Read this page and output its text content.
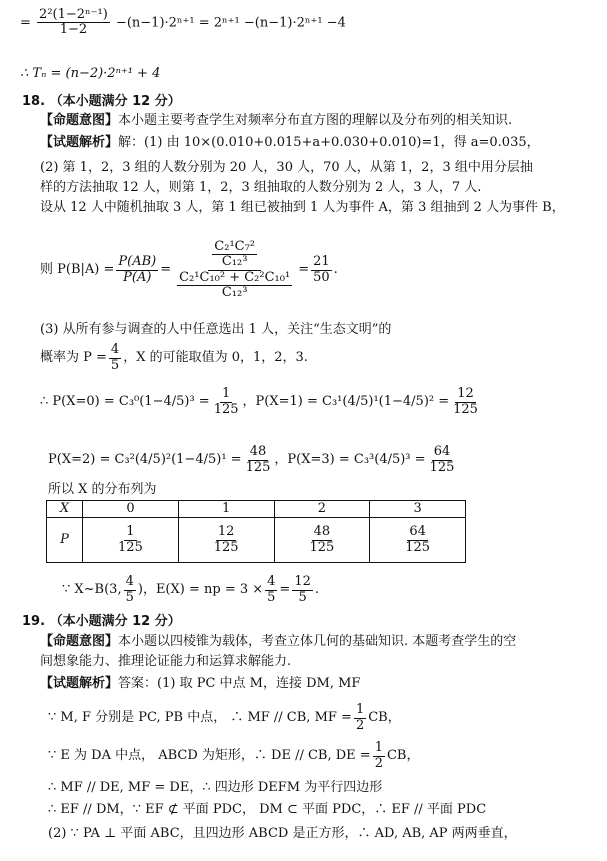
= $\frac{\text{2²(1−2ⁿ⁻¹)}}{1-2} -(n-1)\cdot 2^{n+1} = 2^{n+1} -(n-1)\cdot 2^{n+1} -4$
∴ Tₙ = (n−2)·2ⁿ⁺¹ + 4
18. （本小题满分 12 分）
【命题意图】本小题主要考查学生对频率分布直方图的理解以及分布列的相关知识.
【试题解析】解：(1) 由 10×(0.010+0.015+a+0.030+0.010)=1，得 a=0.035，
(2) 第 1，2，3 组的人数分别为 20 人，30 人，70 人，从第 1，2，3 组中用分层抽
样的方法抽取 12 人，则第 1，2，3 组抽取的人数分别为 2 人，3 人，7 人.
设从 12 人中随机抽取 3 人，第 1 组已被抽到 1 人为事件 A，第 3 组抽到 2 人为事件 B，
则 $P(B|A) = \frac{P(AB)}{P(A)} = \frac{\frac{\text{C₂¹C₇²}}{\text{C₁₂³}}}{\frac{\text{C₂¹C₁₀² + C₂²C₁₀¹}}{\text{C₁₂³}}} = \frac{21}{50}$ .
(3) 从所有参与调查的人中任意选出 1 人，关注“生态文明”的
概率为 $P = \frac{4}{5}$ ，X 的可能取值为 0，1，2，3.
∴ $P(X=0) = C_3^0(1-4/5)^3 = \frac{1}{125}$ ，$P(X=1) = C_3^1(4/5)^1(1-4/5)^2 = \frac{12}{125}$
$P(X=2) = C_3^2(4/5)^2(1-4/5)^1 = \frac{48}{125}$ ，$P(X=3) = C_3^3(4/5)^3 = \frac{64}{125}$
所以 X 的分布列为
X	0	1	2	3
P	$\frac{1}{125}$	$\frac{12}{125}$	$\frac{48}{125}$	$\frac{64}{125}$
∵ X~B(3, $\frac{4}{5}$ )，E(X) = np = $3 \times \frac{4}{5} = \frac{12}{5}$ .
19. （本小题满分 12 分）
【命题意图】本小题以四棱锥为载体，考查立体几何的基础知识. 本题考查学生的空
间想象能力、推理论证能力和运算求解能力.
【试题解析】答案：(1) 取 PC 中点 M，连接 DM, MF
∵ M, F 分别是 PC, PB 中点， ∴ MF // CB, MF = $\frac{1}{2}$ CB，
∵ E 为 DA 中点， ABCD 为矩形，∴ DE // CB, DE = $\frac{1}{2}$ CB，
∴ MF // DE, MF = DE，∴ 四边形 DEFM 为平行四边形
∴ EF // DM，∵ EF ⊄ 平面 PDC， DM ⊂ 平面 PDC，∴ EF // 平面 PDC
(2) ∵ PA ⊥ 平面 ABC，且四边形 ABCD 是正方形，∴ AD, AB, AP 两两垂直，
